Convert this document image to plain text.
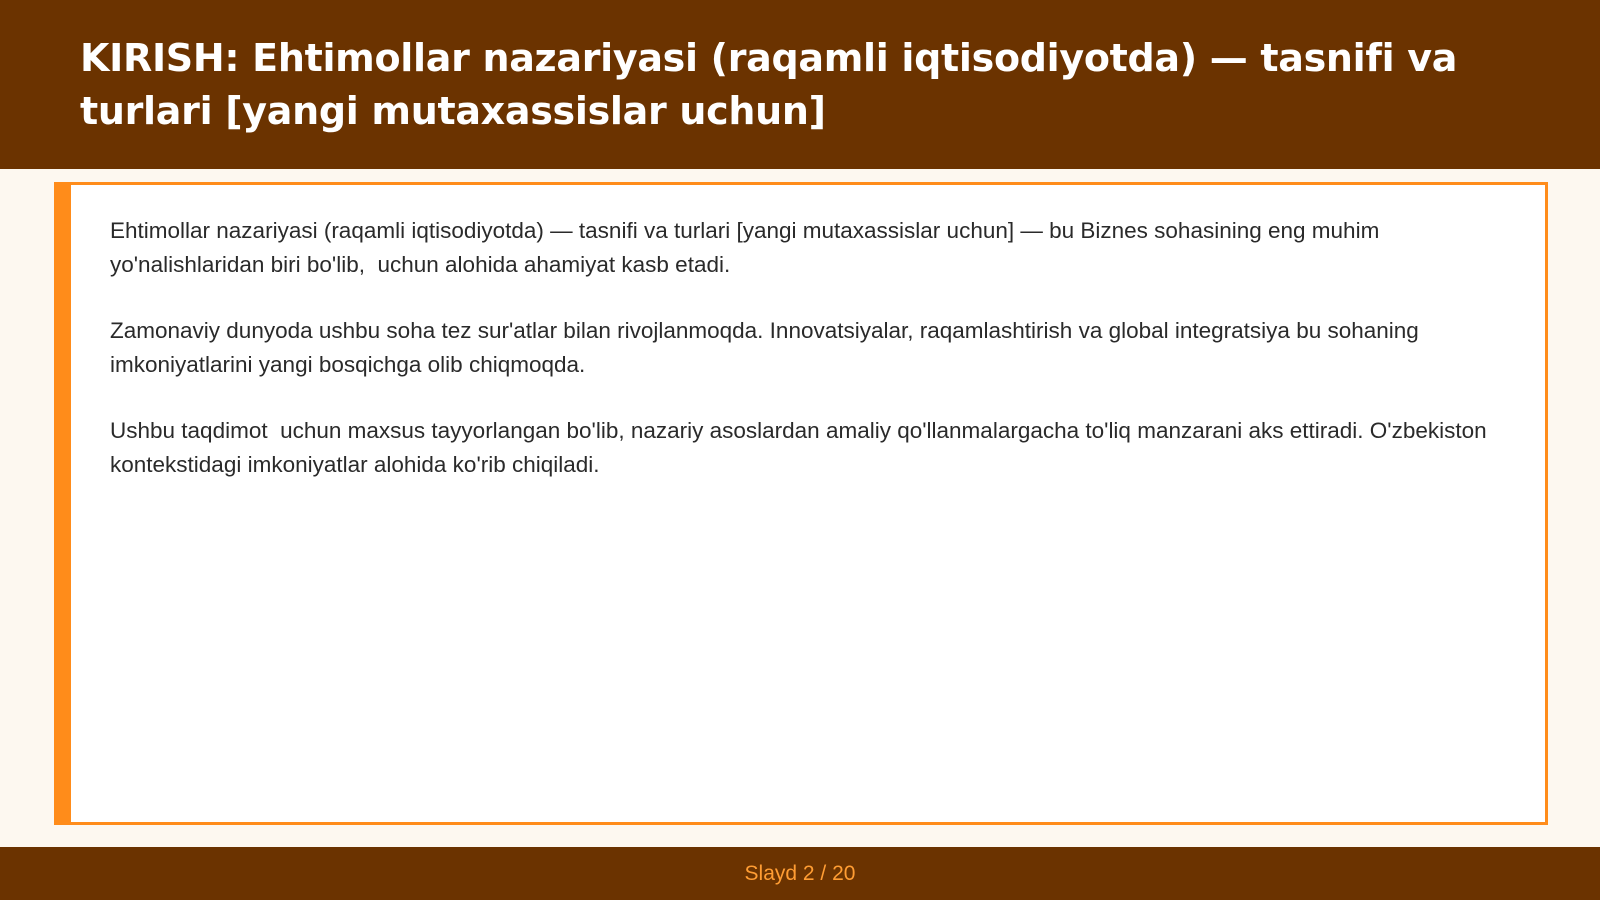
KIRISH: Ehtimollar nazariyasi (raqamli iqtisodiyotda) — tasnifi va turlari [yangi mutaxassislar uchun]

Ehtimollar nazariyasi (raqamli iqtisodiyotda) — tasnifi va turlari [yangi mutaxassislar uchun] — bu Biznes sohasining eng muhim yo'nalishlaridan biri bo'lib,  uchun alohida ahamiyat kasb etadi.

Zamonaviy dunyoda ushbu soha tez sur'atlar bilan rivojlanmoqda. Innovatsiyalar, raqamlashtirish va global integratsiya bu sohaning imkoniyatlarini yangi bosqichga olib chiqmoqda.

Ushbu taqdimot  uchun maxsus tayyorlangan bo'lib, nazariy asoslardan amaliy qo'llanmalargacha to'liq manzarani aks ettiradi. O'zbekiston kontekstidagi imkoniyatlar alohida ko'rib chiqiladi.

Slayd 2 / 20
